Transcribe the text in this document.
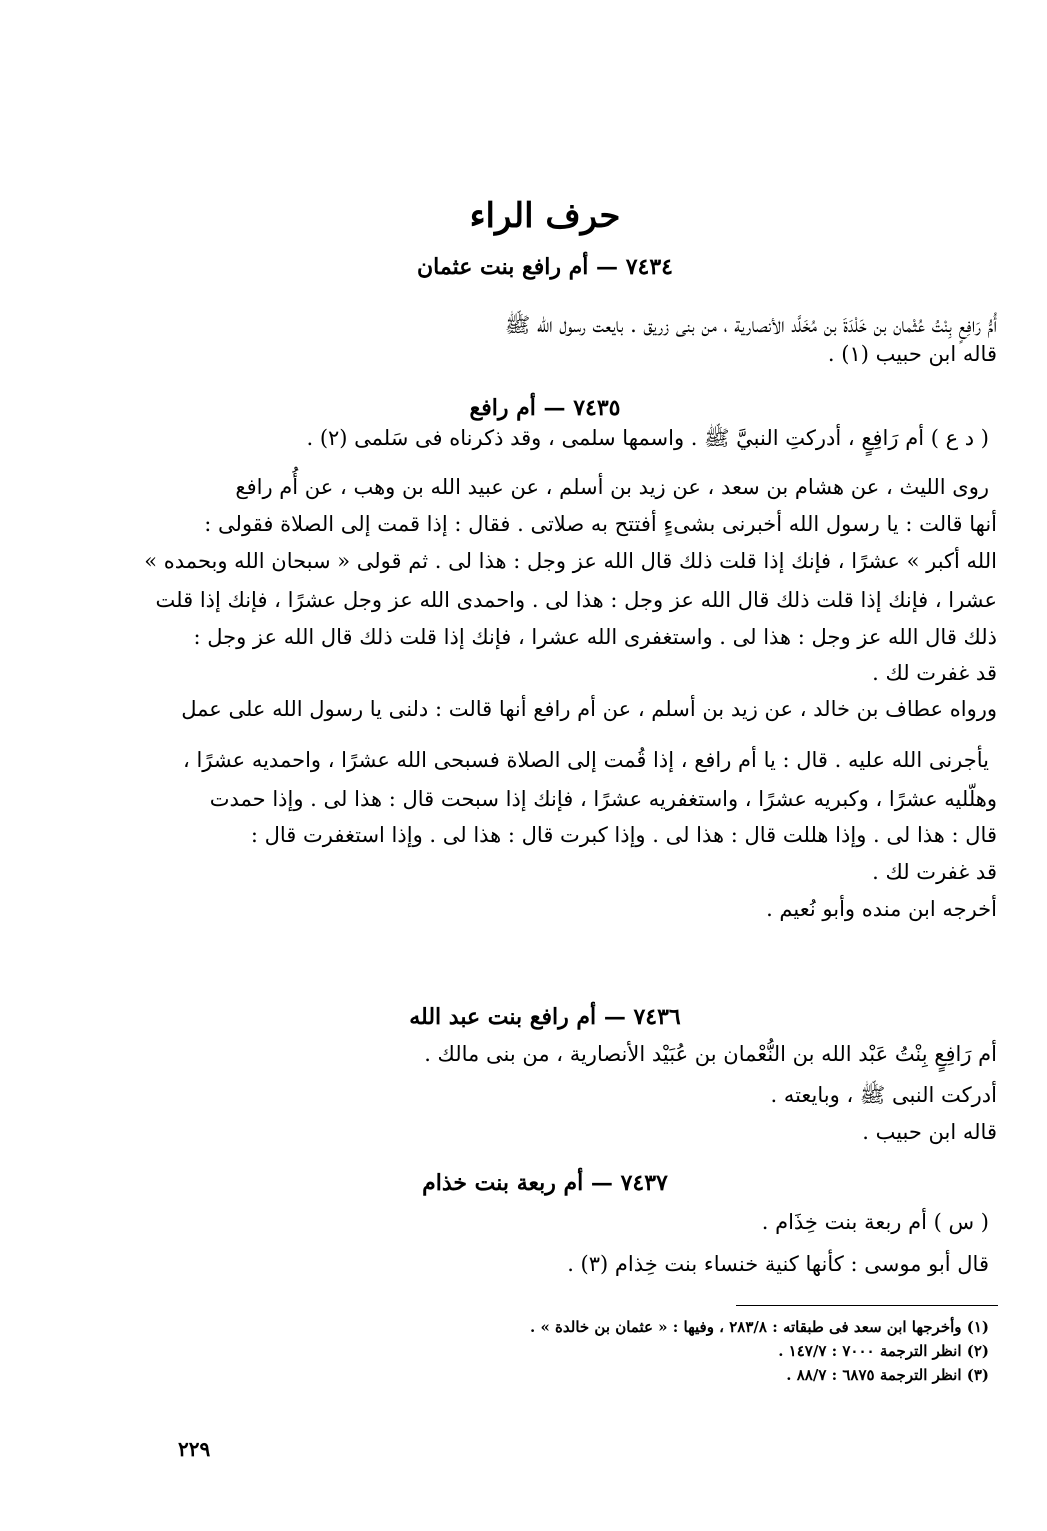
حرف الراء
٧٤٣٤ — أم رافع بنت عثمان
أُمُّ رَافِعٍ بِنْتُ عُثْمان بن خَلْدَةَ بن مُخَلَّد الأنصارية ، من بنى زريق . بايعت رسول الله ﷺ
قاله ابن حبيب (١) .
٧٤٣٥ — أم رافع
( د ع ) أم رَافِعٍ ، أدركتِ النبيَّ ﷺ . واسمها سلمى ، وقد ذكرناه فى سَلمى (٢) .
روى الليث ، عن هشام بن سعد ، عن زيد بن أسلم ، عن عبيد الله بن وهب ، عن أُم رافع
أنها قالت : يا رسول الله أخبرنى بشىءٍ أفتتح به صلاتى . فقال : إذا قمت إلى الصلاة فقولى :
الله أكبر » عشرًا ، فإنك إذا قلت ذلك قال الله عز وجل : هذا لى . ثم قولى « سبحان الله وبحمده »
عشرا ، فإنك إذا قلت ذلك قال الله عز وجل : هذا لى . واحمدى الله عز وجل عشرًا ، فإنك إذا قلت
ذلك قال الله عز وجل : هذا لى . واستغفرى الله عشرا ، فإنك إذا قلت ذلك قال الله عز وجل :
قد غفرت لك .
ورواه عطاف بن خالد ، عن زيد بن أسلم ، عن أم رافع أنها قالت : دلنى يا رسول الله على عمل
يأجرنى الله عليه . قال : يا أم رافع ، إذا قُمت إلى الصلاة فسبحى الله عشرًا ، واحمديه عشرًا ،
وهلّليه عشرًا ، وكبريه عشرًا ، واستغفريه عشرًا ، فإنك إذا سبحت قال : هذا لى . وإذا حمدت
قال : هذا لى . وإذا هللت قال : هذا لى . وإذا كبرت قال : هذا لى . وإذا استغفرت قال :
قد غفرت لك .
أخرجه ابن منده وأبو نُعيم .
٧٤٣٦ — أم رافع بنت عبد الله
أم رَافِعٍ بِنْتُ عَبْد الله بن النُّعْمان بن عُبَيْد الأنصارية ، من بنى مالك .
أدركت النبى ﷺ ، وبايعته .
قاله ابن حبيب .
٧٤٣٧ — أم ربعة بنت خذام
( س ) أم ربعة بنت خِذَام .
قال أبو موسى : كأنها كنية خنساء بنت خِذام (٣) .
(١) وأخرجها ابن سعد فى طبقاته : ٢٨٣/٨ ، وفيها : « عثمان بن خالدة » .
(٢) انظر الترجمة ٧٠٠٠ : ١٤٧/٧ .
(٣) انظر الترجمة ٦٨٧٥ : ٨٨/٧ .
٢٢٩
